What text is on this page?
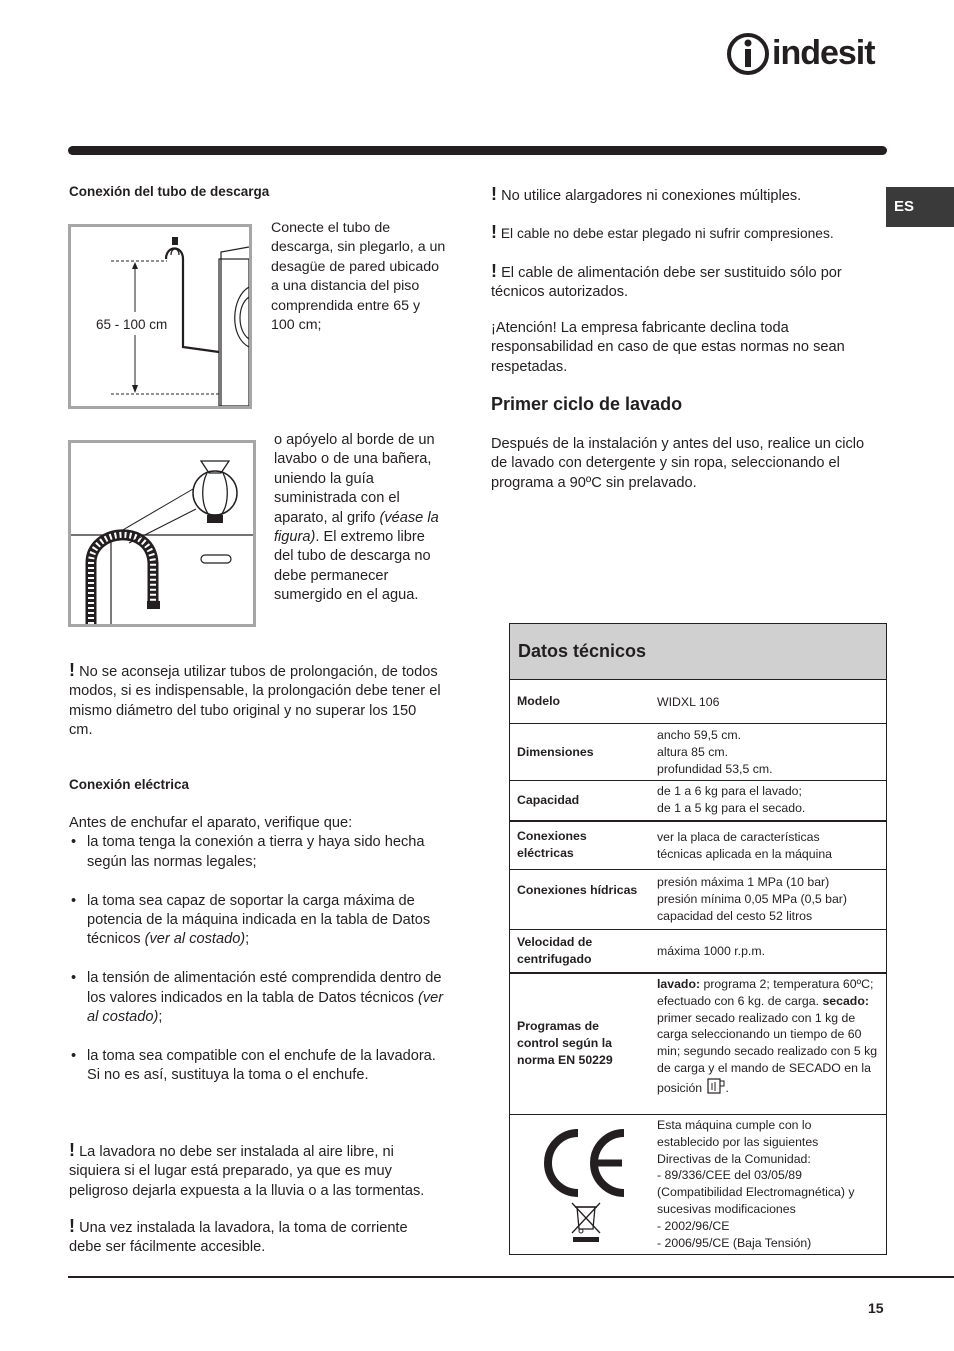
indesit
ES
Conexión del tubo de descarga
65 - 100 cm
Conecte el tubo de descarga, sin plegarlo, a un desagüe de pared ubicado a una distancia del piso comprendida entre 65 y 100 cm;
o apóyelo al borde de un lavabo o de una bañera, uniendo la guía suministrada con el aparato, al grifo (véase la figura). El extremo libre del tubo de descarga no debe permanecer sumergido en el agua.
! No se aconseja utilizar tubos de prolongación, de todos modos, si es indispensable, la prolongación debe tener el mismo diámetro del tubo original y no superar los 150 cm.
Conexión eléctrica
Antes de enchufar el aparato, verifique que:
• la toma tenga la conexión a tierra y haya sido hecha según las normas legales;
• la toma sea capaz de soportar la carga máxima de potencia de la máquina indicada en la tabla de Datos técnicos (ver al costado);
• la tensión de alimentación esté comprendida dentro de los valores indicados en la tabla de Datos técnicos (ver al costado);
• la toma sea compatible con el enchufe de la lavadora. Si no es así, sustituya la toma o el enchufe.
! La lavadora no debe ser instalada al aire libre, ni siquiera si el lugar está preparado, ya que es muy peligroso dejarla expuesta a la lluvia o a las tormentas.
! Una vez instalada la lavadora, la toma de corriente debe ser fácilmente accesible.
! No utilice alargadores ni conexiones múltiples.
! El cable no debe estar plegado ni sufrir compresiones.
! El cable de alimentación debe ser sustituido sólo por técnicos autorizados.
¡Atención! La empresa fabricante declina toda responsabilidad en caso de que estas normas no sean respetadas.
Primer ciclo de lavado
Después de la instalación y antes del uso, realice un ciclo de lavado con detergente y sin ropa, seleccionando el programa a 90ºC sin prelavado.
Datos técnicos
Modelo	WIDXL 106
Dimensiones
ancho 59,5 cm.
altura 85 cm.
profundidad 53,5 cm.
Capacidad
de 1 a 6 kg para el lavado;
de 1 a 5 kg para el secado.
Conexiones eléctricas
ver la placa de características
técnicas aplicada en la máquina
Conexiones hídricas
presión máxima 1 MPa (10 bar)
presión mínima 0,05 MPa (0,5 bar)
capacidad del cesto 52 litros
Velocidad de centrifugado
máxima 1000 r.p.m.
Programas de control según la norma EN 50229
lavado: programa 2; temperatura 60ºC; efectuado con 6 kg. de carga. secado: primer secado realizado con 1 kg de carga seleccionando un tiempo de 60 min; segundo secado realizado con 5 kg de carga y el mando de SECADO en la posición .
Esta máquina cumple con lo
establecido por las siguientes
Directivas de la Comunidad:
- 89/336/CEE del 03/05/89
(Compatibilidad Electromagnética) y
sucesivas modificaciones
- 2002/96/CE
- 2006/95/CE (Baja Tensión)
15
